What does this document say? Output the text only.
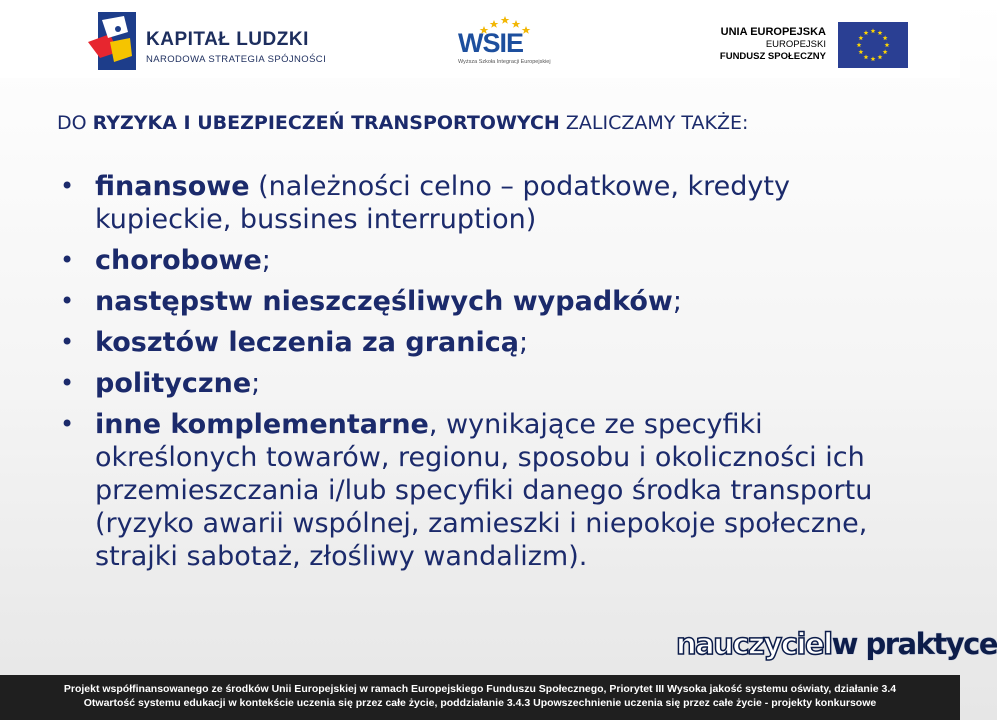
KAPITAŁ LUDZKI
NARODOWA STRATEGIA SPÓJNOŚCI
WSIE
Wyższa Szkoła Integracji Europejskiej
UNIA EUROPEJSKA
EUROPEJSKI
FUNDUSZ SPOŁECZNY
DO RYZYKA I UBEZPIECZEŃ TRANSPORTOWYCH ZALICZAMY TAKŻE:
• finansowe (należności celno – podatkowe, kredyty kupieckie, bussines interruption)
• chorobowe;
• następstw nieszczęśliwych wypadków;
• kosztów leczenia za granicą;
• polityczne;
• inne komplementarne, wynikające ze specyfiki określonych towarów, regionu, sposobu i okoliczności ich przemieszczania i/lub specyfiki danego środka transportu (ryzyko awarii wspólnej, zamieszki i niepokoje społeczne, strajki sabotaż, złośliwy wandalizm).
nauczycielw praktyce
Projekt współfinansowanego ze środków Unii Europejskiej w ramach Europejskiego Funduszu Społecznego, Priorytet III Wysoka jakość systemu oświaty, działanie 3.4
Otwartość systemu edukacji w kontekście uczenia się przez całe życie, poddziałanie 3.4.3 Upowszechnienie uczenia się przez całe życie - projekty konkursowe
